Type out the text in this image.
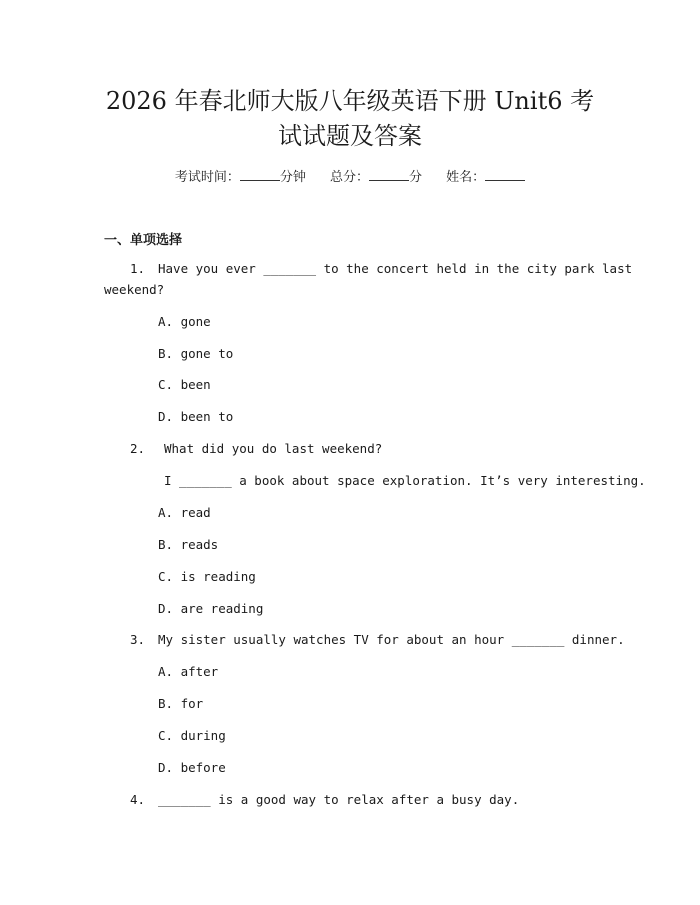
2026 年春北师大版八年级英语下册 Unit6 考
试试题及答案
考试时间：	分钟 总分：	分 姓名：
一、单项选择
1. Have you ever _______ to the concert held in the city park last
weekend?
A. gone
B. gone to
C. been
D. been to
2. What did you do last weekend?
I _______ a book about space exploration. It’s very interesting.
A. read
B. reads
C. is reading
D. are reading
3. My sister usually watches TV for about an hour _______ dinner.
A. after
B. for
C. during
D. before
4. _______ is a good way to relax after a busy day.
